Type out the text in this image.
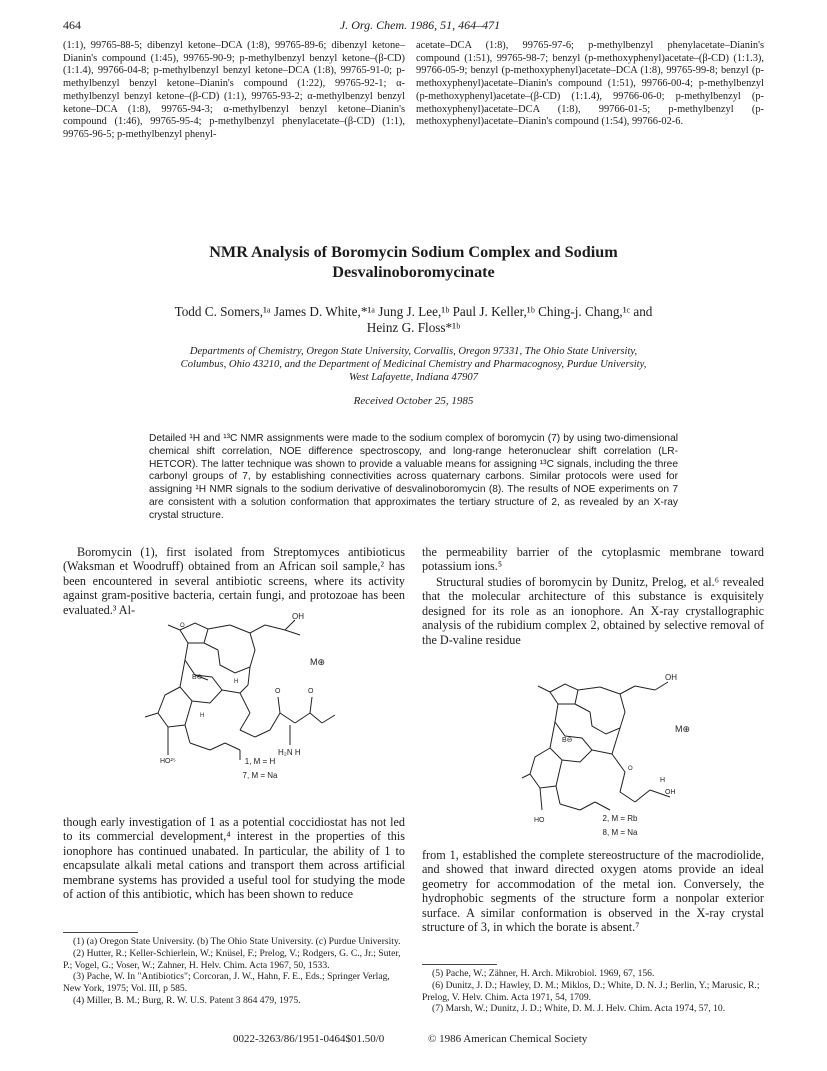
464	J. Org. Chem. 1986, 51, 464–471
(1:1), 99765-88-5; dibenzyl ketone–DCA (1:8), 99765-89-6; dibenzyl ketone–Dianin's compound (1:45), 99765-90-9; p-methylbenzyl benzyl ketone–(β-CD) (1:1.4), 99766-04-8; p-methylbenzyl benzyl ketone–DCA (1:8), 99765-91-0; p-methylbenzyl benzyl ketone–Dianin's compound (1:22), 99765-92-1; α-methylbenzyl benzyl ketone–(β-CD) (1:1), 99765-93-2; α-methylbenzyl benzyl ketone–DCA (1:8), 99765-94-3; α-methylbenzyl benzyl ketone–Dianin's compound (1:46), 99765-95-4; p-methylbenzyl phenylacetate–(β-CD) (1:1), 99765-96-5; p-methylbenzyl phenyl-
acetate–DCA (1:8), 99765-97-6; p-methylbenzyl phenylacetate–Dianin's compound (1:51), 99765-98-7; benzyl (p-methoxyphenyl)acetate–(β-CD) (1:1.3), 99766-05-9; benzyl (p-methoxyphenyl)acetate–DCA (1:8), 99765-99-8; benzyl (p-methoxyphenyl)acetate–Dianin's compound (1:51), 99766-00-4; p-methylbenzyl (p-methoxyphenyl)acetate–(β-CD) (1:1.4), 99766-06-0; p-methylbenzyl (p-methoxyphenyl)acetate–DCA (1:8), 99766-01-5; p-methylbenzyl (p-methoxyphenyl)acetate–Dianin's compound (1:54), 99766-02-6.
NMR Analysis of Boromycin Sodium Complex and Sodium
Desvalinoboromycinate
Todd C. Somers,¹ᵃ James D. White,*¹ᵃ Jung J. Lee,¹ᵇ Paul J. Keller,¹ᵇ Ching-j. Chang,¹ᶜ and
Heinz G. Floss*¹ᵇ
Departments of Chemistry, Oregon State University, Corvallis, Oregon 97331, The Ohio State University,
Columbus, Ohio 43210, and the Department of Medicinal Chemistry and Pharmacognosy, Purdue University,
West Lafayette, Indiana 47907
Received October 25, 1985
Detailed ¹H and ¹³C NMR assignments were made to the sodium complex of boromycin (7) by using two-dimensional chemical shift correlation, NOE difference spectroscopy, and long-range heteronuclear shift correlation (LR-HETCOR). The latter technique was shown to provide a valuable means for assigning ¹³C signals, including the three carbonyl groups of 7, by establishing connectivities across quaternary carbons. Similar protocols were used for assigning ¹H NMR signals to the sodium derivative of desvalinoboromycin (8). The results of NOE experiments on 7 are consistent with a solution conformation that approximates the tertiary structure of 2, as revealed by an X-ray crystal structure.
Boromycin (1), first isolated from Streptomyces antibioticus (Waksman et Woodruff) obtained from an African soil sample,² has been encountered in several antibiotic screens, where its activity against gram-positive bacteria, certain fungi, and protozoae has been evaluated.³ Al-	OH
M⊕
B⊖
HO²⁵
H₂N H
O	O
O
H
H
1, M = H
7, M = Na
though early investigation of 1 as a potential coccidiostat has not led to its commercial development,⁴ interest in the properties of this ionophore has continued unabated. In particular, the ability of 1 to encapsulate alkali metal cations and transport them across artificial membrane systems has provided a useful tool for studying the mode of action of this antibiotic, which has been shown to reduce
the permeability barrier of the cytoplasmic membrane toward potassium ions.⁵
Structural studies of boromycin by Dunitz, Prelog, et al.⁶ revealed that the molecular architecture of this substance is exquisitely designed for its role as an ionophore. An X-ray crystallographic analysis of the rubidium complex 2, obtained by selective removal of the D-valine residue
OH
M⊕
B⊖
HO
H
OH
O
2, M = Rb
8, M = Na
from 1, established the complete stereostructure of the macrodiolide, and showed that inward directed oxygen atoms provide an ideal geometry for accommodation of the metal ion. Conversely, the hydrophobic segments of the structure form a nonpolar exterior surface. A similar conformation is observed in the X-ray crystal structure of 3, in which the borate is absent.⁷
(1) (a) Oregon State University. (b) The Ohio State University. (c) Purdue University.
(2) Hutter, R.; Keller-Schierlein, W.; Knüsel, F.; Prelog, V.; Rodgers, G. C., Jr.; Suter, P.; Vogel, G.; Voser, W.; Zahner, H. Helv. Chim. Acta 1967, 50, 1533.
(3) Pache, W. In "Antibiotics"; Corcoran, J. W., Hahn, F. E., Eds.; Springer Verlag, New York, 1975; Vol. III, p 585.
(4) Miller, B. M.; Burg, R. W. U.S. Patent 3 864 479, 1975.
(5) Pache, W.; Zähner, H. Arch. Mikrobiol. 1969, 67, 156.
(6) Dunitz, J. D.; Hawley, D. M.; Miklos, D.; White, D. N. J.; Berlin, Y.; Marusic, R.; Prelog, V. Helv. Chim. Acta 1971, 54, 1709.
(7) Marsh, W.; Dunitz, J. D.; White, D. M. J. Helv. Chim. Acta 1974, 57, 10.
0022-3263/86/1951-0464$01.50/0	© 1986 American Chemical Society
